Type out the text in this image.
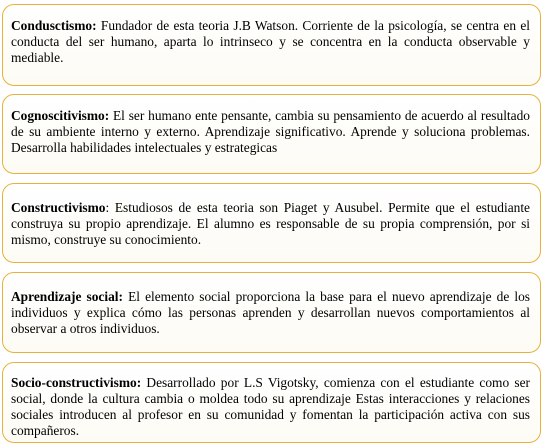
Condusctismo: Fundador de esta teoria J.B Watson. Corriente de la psicología, se centra en el conducta del ser humano, aparta lo intrinseco y se concentra en la conducta observable y mediable.
Cognoscitivismo: El ser humano ente pensante, cambia su pensamiento de acuerdo al resultado de su ambiente interno y externo. Aprendizaje significativo. Aprende y soluciona problemas. Desarrolla habilidades intelectuales y estrategicas
Constructivismo: Estudiosos de esta teoria son Piaget y Ausubel. Permite que el estudiante construya su propio aprendizaje. El alumno es responsable de su propia comprensión, por si mismo, construye su conocimiento.
Aprendizaje social: El elemento social proporciona la base para el nuevo aprendizaje de los individuos y explica cómo las personas aprenden y desarrollan nuevos comportamientos al observar a otros individuos.
Socio-constructivismo: Desarrollado por L.S Vigotsky, comienza con el estudiante como ser social, donde la cultura cambia o moldea todo su aprendizaje Estas interacciones y relaciones sociales introducen al profesor en su comunidad y fomentan la participación activa con sus compañeros.
